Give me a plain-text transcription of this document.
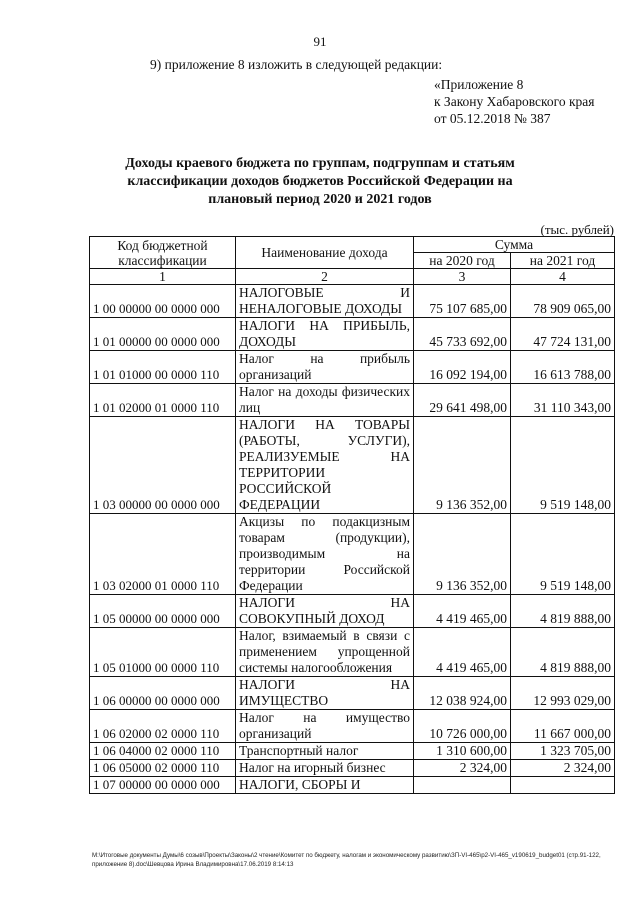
91
9) приложение 8 изложить в следующей редакции:
«Приложение 8
к Закону Хабаровского края
от 05.12.2018 № 387
Доходы краевого бюджета по группам, подгруппам и статьям классификации доходов бюджетов Российской Федерации на плановый период 2020 и 2021 годов
(тыс. рублей)
Код бюджетной классификации	Наименование дохода	Сумма	
		на 2020 год	на 2021 год
1	2	3	4
1 00 00000 00 0000 000	НАЛОГОВЫЕ И НЕНАЛОГОВЫЕ ДОХОДЫ	75 107 685,00	78 909 065,00
1 01 00000 00 0000 000	НАЛОГИ НА ПРИБЫЛЬ, ДОХОДЫ	45 733 692,00	47 724 131,00
1 01 01000 00 0000 110	Налог на прибыль организаций	16 092 194,00	16 613 788,00
1 01 02000 01 0000 110	Налог на доходы физических лиц	29 641 498,00	31 110 343,00
1 03 00000 00 0000 000	НАЛОГИ НА ТОВАРЫ (РАБОТЫ, УСЛУГИ), РЕАЛИЗУЕМЫЕ НА ТЕРРИТОРИИ РОССИЙСКОЙ ФЕДЕРАЦИИ	9 136 352,00	9 519 148,00
1 03 02000 01 0000 110	Акцизы по подакцизным товарам (продукции), производимым на территории Российской Федерации	9 136 352,00	9 519 148,00
1 05 00000 00 0000 000	НАЛОГИ НА СОВОКУПНЫЙ ДОХОД	4 419 465,00	4 819 888,00
1 05 01000 00 0000 110	Налог, взимаемый в связи с применением упрощенной системы налогообложения	4 419 465,00	4 819 888,00
1 06 00000 00 0000 000	НАЛОГИ НА ИМУЩЕСТВО	12 038 924,00	12 993 029,00
1 06 02000 02 0000 110	Налог на имущество организаций	10 726 000,00	11 667 000,00
1 06 04000 02 0000 110	Транспортный налог	1 310 600,00	1 323 705,00
1 06 05000 02 0000 110	Налог на игорный бизнес	2 324,00	2 324,00
1 07 00000 00 0000 000	НАЛОГИ, СБОРЫ И		
М:\Итоговые документы Думы\6 созыв\Проекты\Законы\2 чтение\Комитет по бюджету, налогам и экономическому развитию\ЗП-VI-465\р2-VI-465_v190619_budget01 (стр.91-122, приложение 8).doc\Шевцова Ирина Владимировна\17.06.2019 8:14:13
